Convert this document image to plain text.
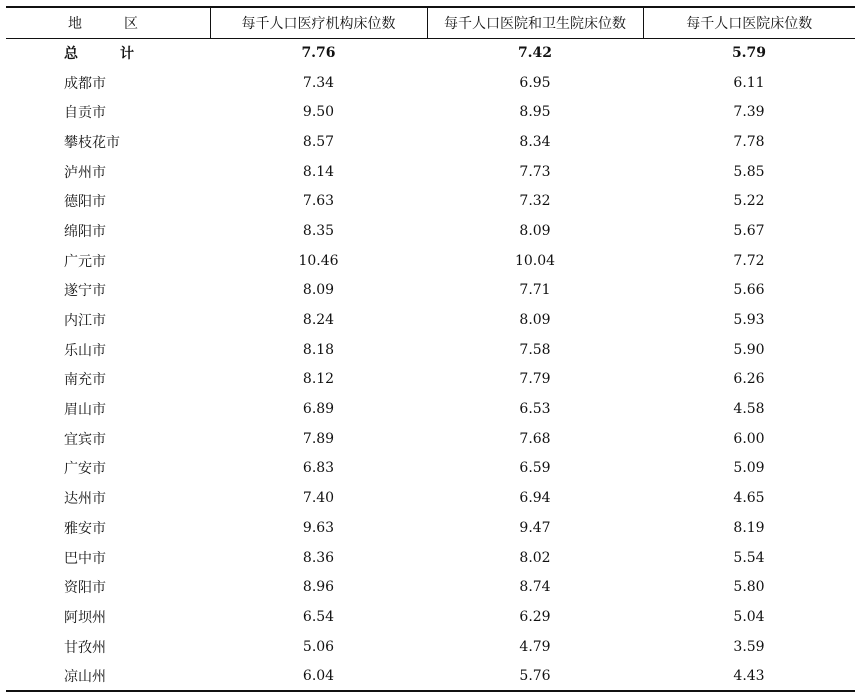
地　区	每千人口医疗机构床位数	每千人口医院和卫生院床位数	每千人口医院床位数
总　计	7.76	7.42	5.79
成都市	7.34	6.95	6.11
自贡市	9.50	8.95	7.39
攀枝花市	8.57	8.34	7.78
泸州市	8.14	7.73	5.85
德阳市	7.63	7.32	5.22
绵阳市	8.35	8.09	5.67
广元市	10.46	10.04	7.72
遂宁市	8.09	7.71	5.66
内江市	8.24	8.09	5.93
乐山市	8.18	7.58	5.90
南充市	8.12	7.79	6.26
眉山市	6.89	6.53	4.58
宜宾市	7.89	7.68	6.00
广安市	6.83	6.59	5.09
达州市	7.40	6.94	4.65
雅安市	9.63	9.47	8.19
巴中市	8.36	8.02	5.54
资阳市	8.96	8.74	5.80
阿坝州	6.54	6.29	5.04
甘孜州	5.06	4.79	3.59
凉山州	6.04	5.76	4.43
